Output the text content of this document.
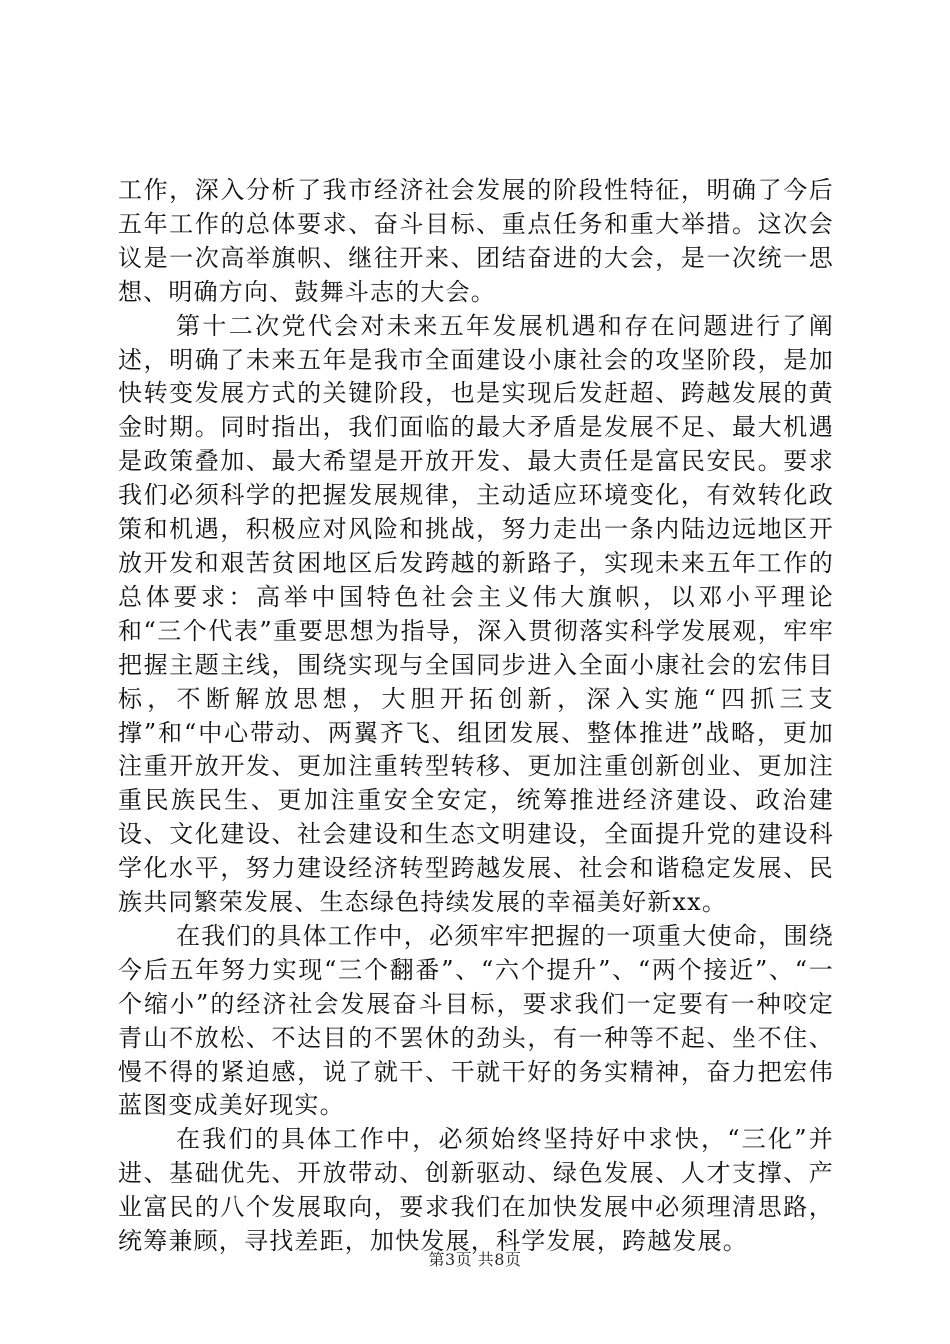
工作，深入分析了我市经济社会发展的阶段性特征，明确了今后五年工作的总体要求、奋斗目标、重点任务和重大举措。这次会议是一次高举旗帜、继往开来、团结奋进的大会，是一次统一思想、明确方向、鼓舞斗志的大会。

第十二次党代会对未来五年发展机遇和存在问题进行了阐述，明确了未来五年是我市全面建设小康社会的攻坚阶段，是加快转变发展方式的关键阶段，也是实现后发赶超、跨越发展的黄金时期。同时指出，我们面临的最大矛盾是发展不足、最大机遇是政策叠加、最大希望是开放开发、最大责任是富民安民。要求我们必须科学的把握发展规律，主动适应环境变化，有效转化政策和机遇，积极应对风险和挑战，努力走出一条内陆边远地区开放开发和艰苦贫困地区后发跨越的新路子，实现未来五年工作的总体要求：高举中国特色社会主义伟大旗帜，以邓小平理论和“三个代表”重要思想为指导，深入贯彻落实科学发展观，牢牢把握主题主线，围绕实现与全国同步进入全面小康社会的宏伟目标，不断解放思想，大胆开拓创新，深入实施“四抓三支撑”和“中心带动、两翼齐飞、组团发展、整体推进”战略，更加注重开放开发、更加注重转型转移、更加注重创新创业、更加注重民族民生、更加注重安全安定，统筹推进经济建设、政治建设、文化建设、社会建设和生态文明建设，全面提升党的建设科学化水平，努力建设经济转型跨越发展、社会和谐稳定发展、民族共同繁荣发展、生态绿色持续发展的幸福美好新xx。

在我们的具体工作中，必须牢牢把握的一项重大使命，围绕今后五年努力实现“三个翻番”、“六个提升”、“两个接近”、“一个缩小”的经济社会发展奋斗目标，要求我们一定要有一种咬定青山不放松、不达目的不罢休的劲头，有一种等不起、坐不住、慢不得的紧迫感，说了就干、干就干好的务实精神，奋力把宏伟蓝图变成美好现实。

在我们的具体工作中，必须始终坚持好中求快，“三化”并进、基础优先、开放带动、创新驱动、绿色发展、人才支撑、产业富民的八个发展取向，要求我们在加快发展中必须理清思路，统筹兼顾，寻找差距，加快发展，科学发展，跨越发展。

第3页 共8页
